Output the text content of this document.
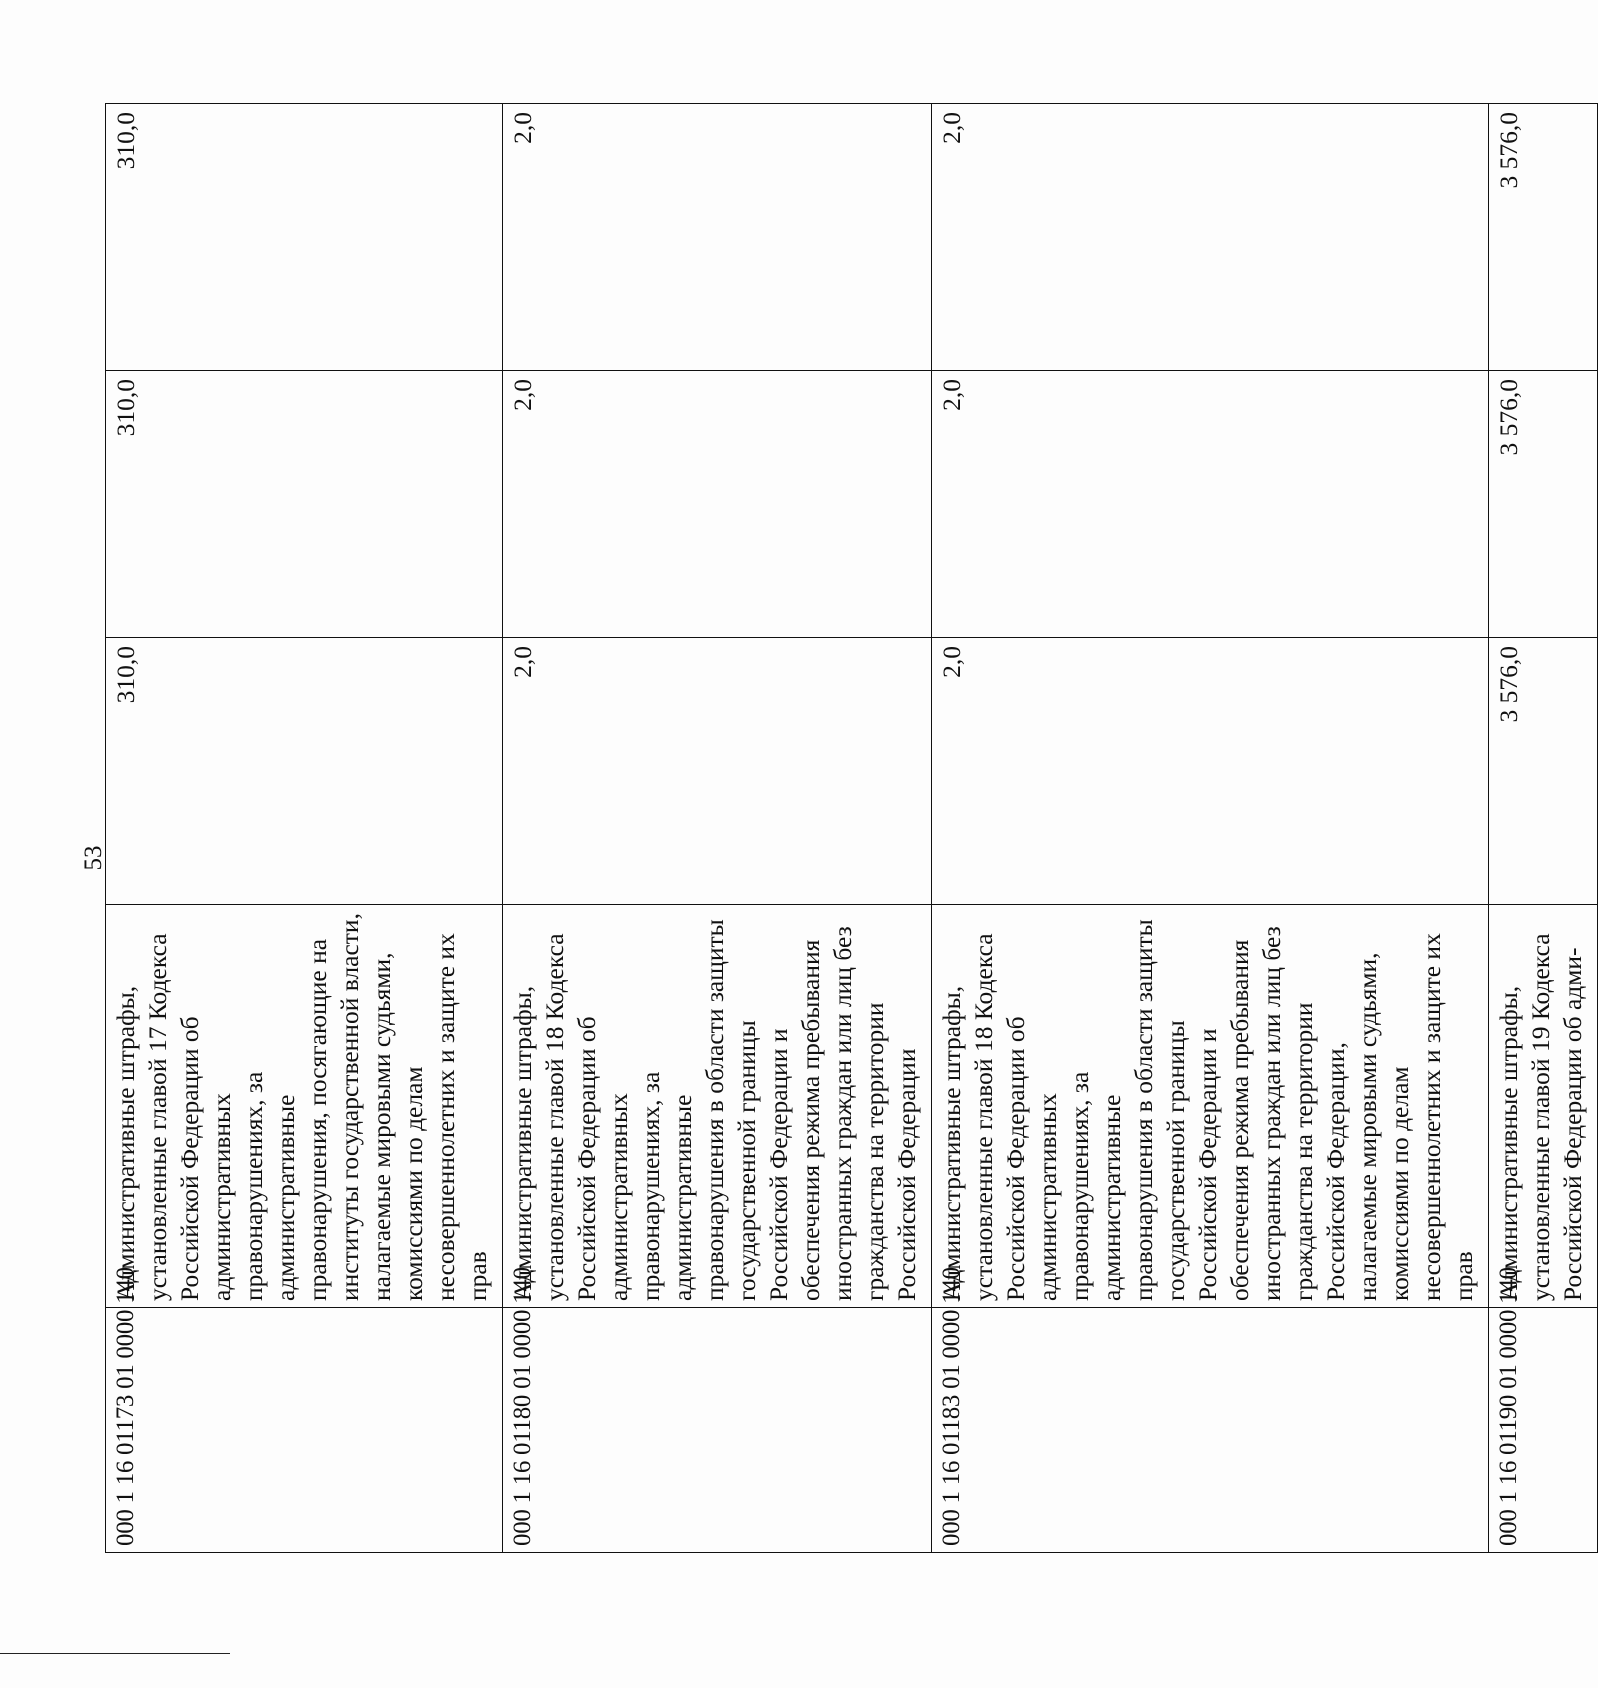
53
000 1 16 01173 01 0000 140	Административные штрафы, установленные главой 17 Кодекса Российской Федерации об административных правонарушениях, за административные правонарушения, посягающие на институты государственной власти, налагаемые мировыми судьями, комиссиями по делам несовершеннолетних и защите их прав	310,0	310,0	310,0
000 1 16 01180 01 0000 140	Административные штрафы, установленные главой 18 Кодекса Российской Федерации об административных правонарушениях, за административные правонарушения в области защиты государственной границы Российской Федерации и обеспечения режима пребывания иностранных граждан или лиц без гражданства на территории Российской Федерации	2,0	2,0	2,0
000 1 16 01183 01 0000 140	Административные штрафы, установленные главой 18 Кодекса Российской Федерации об административных правонарушениях, за административные правонарушения в области защиты государственной границы Российской Федерации и обеспечения режима пребывания иностранных граждан или лиц без гражданства на территории Российской Федерации, налагаемые мировыми судьями, комиссиями по делам несовершеннолетних и защите их прав	2,0	2,0	2,0
000 1 16 01190 01 0000 140	Административные штрафы, установленные главой 19 Кодекса Российской Федерации об адми-	3 576,0	3 576,0	3 576,0
